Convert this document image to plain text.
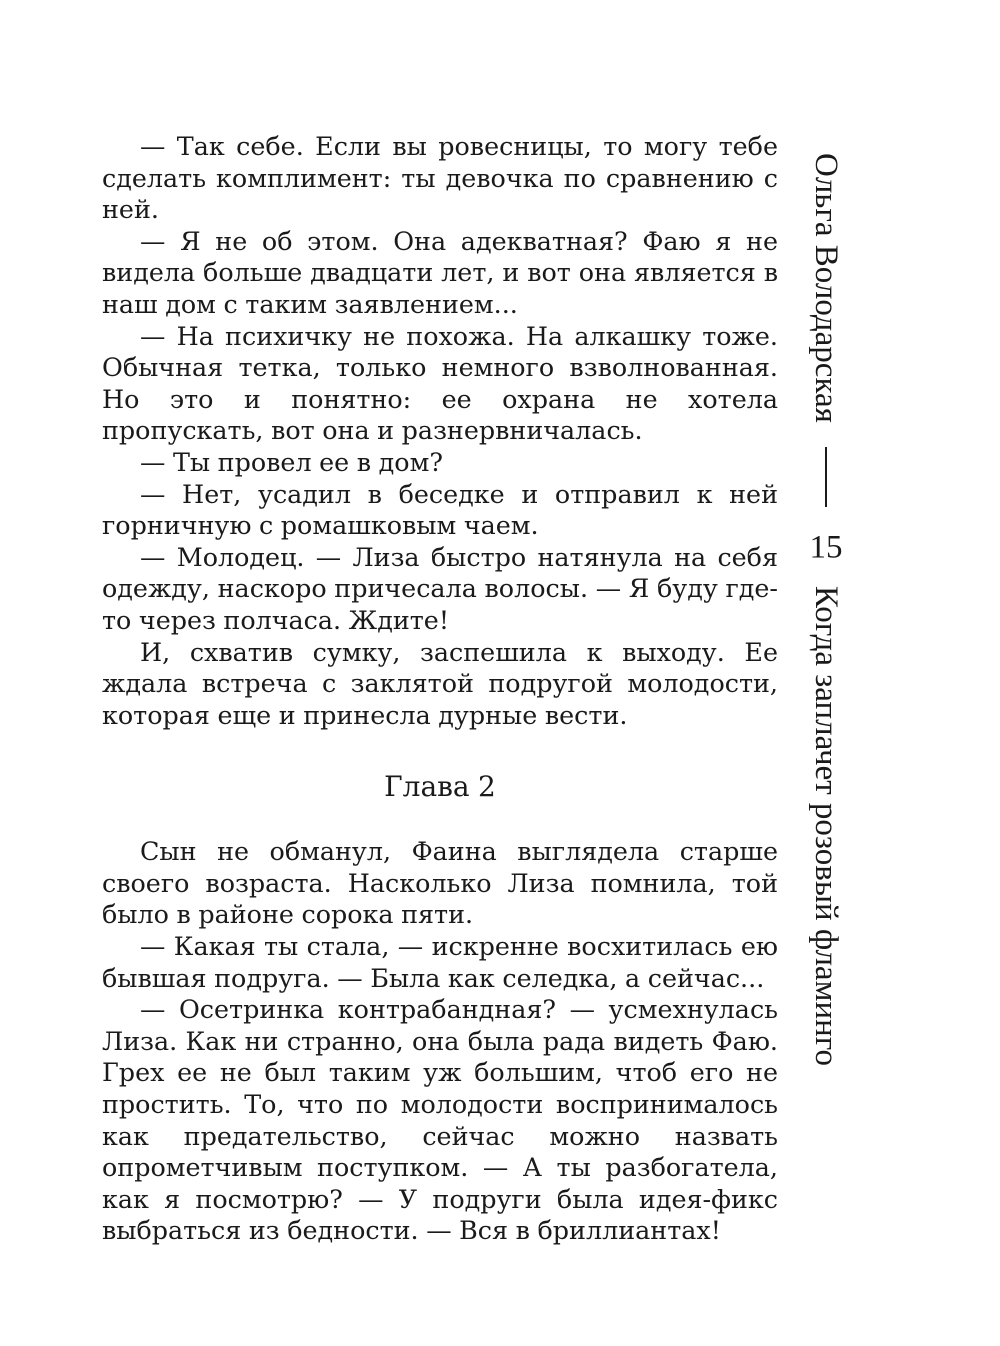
— Так себе. Если вы ровесницы, то могу тебе сделать комплимент: ты девочка по сравнению с ней.

— Я не об этом. Она адекватная? Фаю я не видела больше двадцати лет, и вот она является в наш дом с таким заявлением...

— На психичку не похожа. На алкашку тоже. Обычная тетка, только немного взволнованная. Но это и понятно: ее охрана не хотела пропускать, вот она и разнервничалась.

— Ты провел ее в дом?

— Нет, усадил в беседке и отправил к ней горничную с ромашковым чаем.

— Молодец. — Лиза быстро натянула на себя одежду, наскоро причесала волосы. — Я буду где-то через полчаса. Ждите!

И, схватив сумку, заспешила к выходу. Ее ждала встреча с заклятой подругой молодости, которая еще и принесла дурные вести.

Глава 2

Сын не обманул, Фаина выглядела старше своего возраста. Насколько Лиза помнила, той было в районе сорока пяти.

— Какая ты стала, — искренне восхитилась ею бывшая подруга. — Была как селедка, а сейчас...

— Осетринка контрабандная? — усмехнулась Лиза. Как ни странно, она была рада видеть Фаю. Грех ее не был таким уж большим, чтоб его не простить. То, что по молодости воспринималось как предательство, сейчас можно назвать опрометчивым поступком. — А ты разбогатела, как я посмотрю? — У подруги была идея-фикс выбраться из бедности. — Вся в бриллиантах!

Ольга Володарская
15
Когда заплачет розовый фламинго
